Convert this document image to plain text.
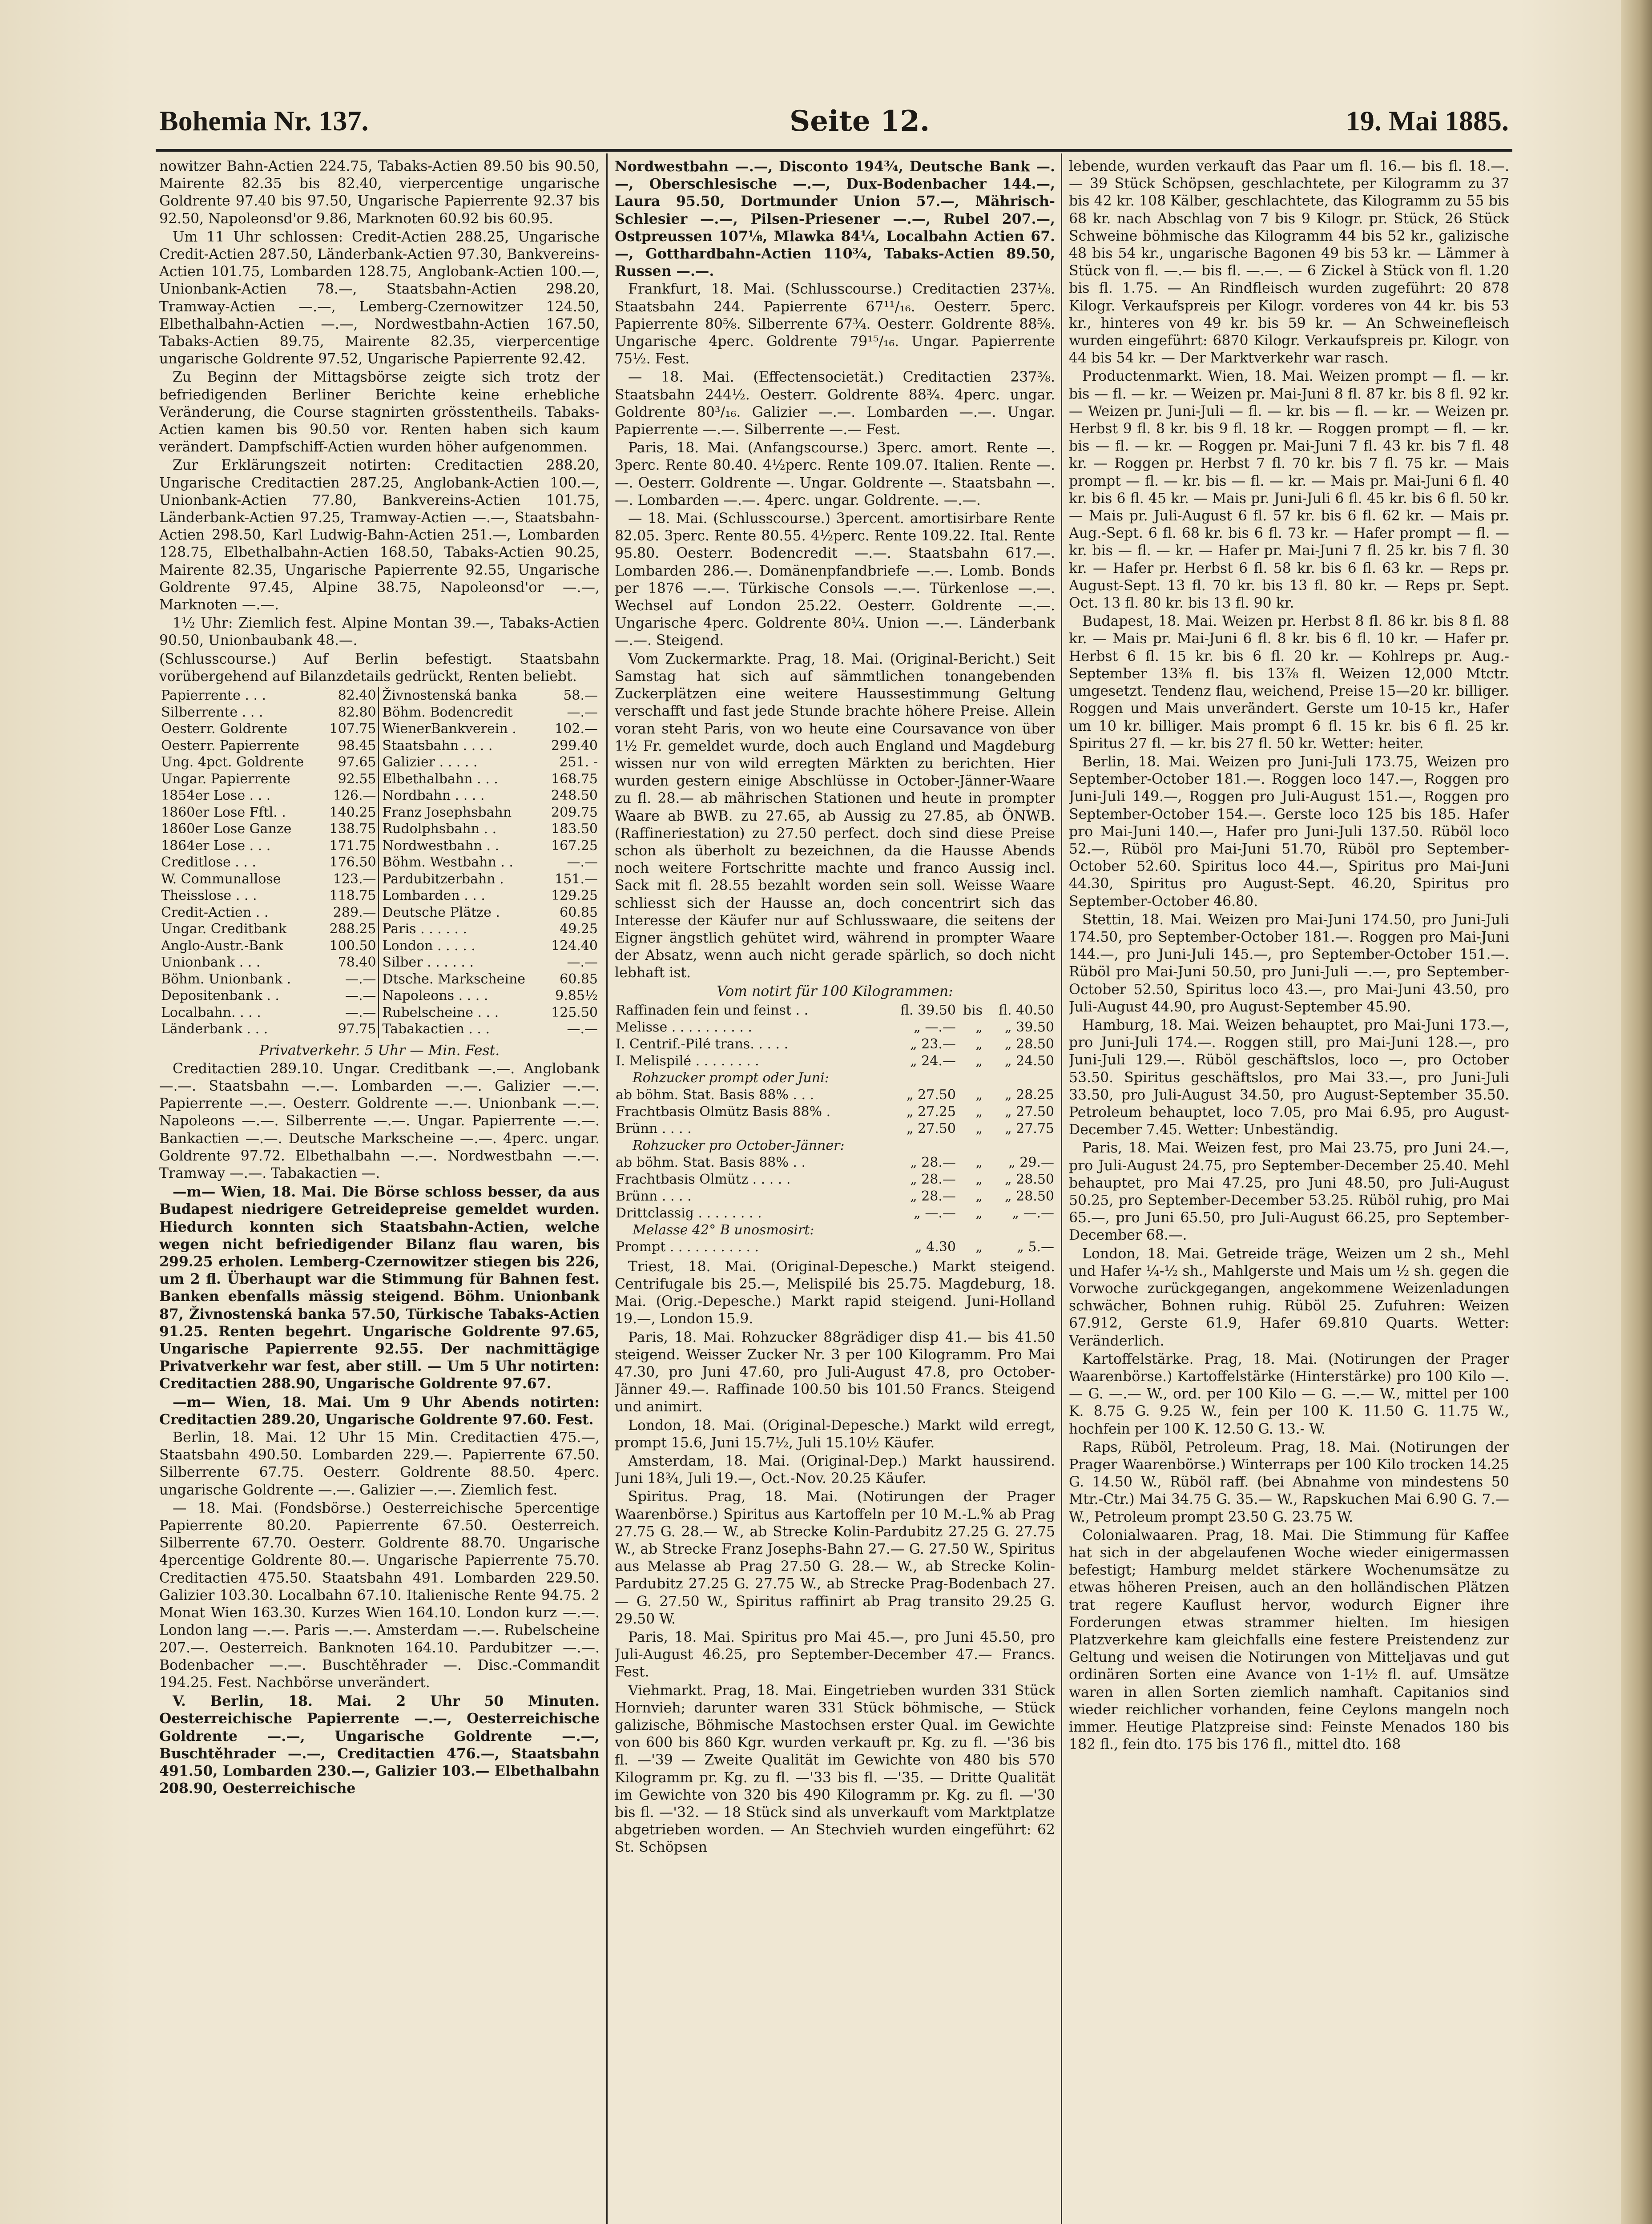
Bohemia Nr. 137.	Seite 12.	19. Mai 1885.

nowitzer Bahn-Actien 224.75, Tabaks-Actien 89.50 bis 90.50, Mairente 82.35 bis 82.40, vierpercentige ungarische Goldrente 97.40 bis 97.50, Ungarische Papierrente 92.37 bis 92.50, Napoleonsd'or 9.86, Marknoten 60.92 bis 60.95.

Um 11 Uhr schlossen: Credit-Actien 288.25, Ungarische Credit-Actien 287.50, Länderbank-Actien 97.30, Bankvereins-Actien 101.75, Lombarden 128.75, Anglobank-Actien 100.—, Unionbank-Actien 78.—, Staatsbahn-Actien 298.20, Tramway-Actien —.—, Lemberg-Czernowitzer 124.50, Elbethalbahn-Actien —.—, Nordwestbahn-Actien 167.50, Tabaks-Actien 89.75, Mairente 82.35, vierpercentige ungarische Goldrente 97.52, Ungarische Papierrente 92.42.

Zu Beginn der Mittagsbörse zeigte sich trotz der befriedigenden Berliner Berichte keine erhebliche Veränderung, die Course stagnirten grösstentheils. Tabaks-Actien kamen bis 90.50 vor. Renten haben sich kaum verändert. Dampfschiff-Actien wurden höher aufgenommen.

Zur Erklärungszeit notirten: Creditactien 288.20, Ungarische Creditactien 287.25, Anglobank-Actien 100.—, Unionbank-Actien 77.80, Bankvereins-Actien 101.75, Länderbank-Actien 97.25, Tramway-Actien —.—, Staatsbahn-Actien 298.50, Karl Ludwig-Bahn-Actien 251.—, Lombarden 128.75, Elbethalbahn-Actien 168.50, Tabaks-Actien 90.25, Mairente 82.35, Ungarische Papierrente 92.55, Ungarische Goldrente 97.45, Alpine 38.75, Napoleonsd'or —.—, Marknoten —.—.

1½ Uhr: Ziemlich fest. Alpine Montan 39.—, Tabaks-Actien 90.50, Unionbaubank 48.—.

(Schlusscourse.) Auf Berlin befestigt. Staatsbahn vorübergehend auf Bilanzdetails gedrückt, Renten beliebt.

Papierrente . . .	82.40	Živnostenská banka	58.—
Silberrente . . .	82.80	Böhm. Bodencredit	—.—
Oesterr. Goldrente	107.75	WienerBankverein .	102.—
Oesterr. Papierrente	98.45	Staatsbahn . . . .	299.40
Ung. 4pct. Goldrente	97.65	Galizier . . . . .	251. -
Ungar. Papierrente	92.55	Elbethalbahn . . .	168.75
1854er Lose . . .	126.—	Nordbahn . . . .	248.50
1860er Lose Fftl. .	140.25	Franz Josephsbahn	209.75
1860er Lose Ganze	138.75	Rudolphsbahn . .	183.50
1864er Lose . . .	171.75	Nordwestbahn . .	167.25
Creditlose . . .	176.50	Böhm. Westbahn . .	—.—
W. Communallose	123.—	Pardubitzerbahn .	151.—
Theisslose . . .	118.75	Lombarden . . .	129.25
Credit-Actien . .	289.—	Deutsche Plätze .	60.85
Ungar. Creditbank	288.25	Paris . . . . . .	49.25
Anglo-Austr.-Bank	100.50	London . . . . .	124.40
Unionbank . . .	78.40	Silber . . . . . .	—.—
Böhm. Unionbank .	—.—	Dtsche. Markscheine	60.85
Depositenbank . .	—.—	Napoleons . . . .	9.85½
Localbahn. . . .	—.—	Rubelscheine . . .	125.50
Länderbank . . .	97.75	Tabakactien . . .	—.—

Privatverkehr. 5 Uhr — Min. Fest.

Creditactien 289.10. Ungar. Creditbank —.—. Anglobank —.—. Staatsbahn —.—. Lombarden —.—. Galizier —.—. Papierrente —.—. Oesterr. Goldrente —.—. Unionbank —.—. Napoleons —.—. Silberrente —.—. Ungar. Papierrente —.—. Bankactien —.—. Deutsche Markscheine —.—. 4perc. ungar. Goldrente 97.72. Elbethalbahn —.—. Nordwestbahn —.—. Tramway —.—. Tabakactien —.

—m— Wien, 18. Mai. Die Börse schloss besser, da aus Budapest niedrigere Getreidepreise gemeldet wurden. Hiedurch konnten sich Staatsbahn-Actien, welche wegen nicht befriedigender Bilanz flau waren, bis 299.25 erholen. Lemberg-Czernowitzer stiegen bis 226, um 2 fl. Überhaupt war die Stimmung für Bahnen fest. Banken ebenfalls mässig steigend. Böhm. Unionbank 87, Živnostenská banka 57.50, Türkische Tabaks-Actien 91.25. Renten begehrt. Ungarische Goldrente 97.65, Ungarische Papierrente 92.55. Der nachmittägige Privatverkehr war fest, aber still. — Um 5 Uhr notirten: Creditactien 288.90, Ungarische Goldrente 97.67.

—m— Wien, 18. Mai. Um 9 Uhr Abends notirten: Creditactien 289.20, Ungarische Goldrente 97.60. Fest.

Berlin, 18. Mai. 12 Uhr 15 Min. Creditactien 475.—, Staatsbahn 490.50. Lombarden 229.—. Papierrente 67.50. Silberrente 67.75. Oesterr. Goldrente 88.50. 4perc. ungarische Goldrente —.—. Galizier —.—. Ziemlich fest.

— 18. Mai. (Fondsbörse.) Oesterreichische 5percentige Papierrente 80.20. Papierrente 67.50. Oesterreich. Silberrente 67.70. Oesterr. Goldrente 88.70. Ungarische 4percentige Goldrente 80.—. Ungarische Papierrente 75.70. Creditactien 475.50. Staatsbahn 491. Lombarden 229.50. Galizier 103.30. Localbahn 67.10. Italienische Rente 94.75. 2 Monat Wien 163.30. Kurzes Wien 164.10. London kurz —.—. London lang —.—. Paris —.—. Amsterdam —.—. Rubelscheine 207.—. Oesterreich. Banknoten 164.10. Pardubitzer —.—. Bodenbacher —.—. Buschtěhrader —. Disc.-Commandit 194.25. Fest. Nachbörse unverändert.

V. Berlin, 18. Mai. 2 Uhr 50 Minuten. Oesterreichische Papierrente —.—, Oesterreichische Goldrente —.—, Ungarische Goldrente —.—, Buschtěhrader —.—, Creditactien 476.—, Staatsbahn 491.50, Lombarden 230.—, Galizier 103.— Elbethalbahn 208.90, Oesterreichische

Nordwestbahn —.—, Disconto 194¾, Deutsche Bank —.—, Oberschlesische —.—, Dux-Bodenbacher 144.—, Laura 95.50, Dortmunder Union 57.—, Mährisch-Schlesier —.—, Pilsen-Priesener —.—, Rubel 207.—, Ostpreussen 107⅛, Mlawka 84¼, Localbahn Actien 67.—, Gotthardbahn-Actien 110¾, Tabaks-Actien 89.50, Russen —.—.

Frankfurt, 18. Mai. (Schlusscourse.) Creditactien 237⅛. Staatsbahn 244. Papierrente 67¹¹/₁₆. Oesterr. 5perc. Papierrente 80⅝. Silberrente 67¾. Oesterr. Goldrente 88⅝. Ungarische 4perc. Goldrente 79¹⁵/₁₆. Ungar. Papierrente 75½. Fest.

— 18. Mai. (Effectensocietät.) Creditactien 237⅜. Staatsbahn 244½. Oesterr. Goldrente 88¾. 4perc. ungar. Goldrente 80³/₁₆. Galizier —.—. Lombarden —.—. Ungar. Papierrente —.—. Silberrente —.— Fest.

Paris, 18. Mai. (Anfangscourse.) 3perc. amort. Rente —. 3perc. Rente 80.40. 4½perc. Rente 109.07. Italien. Rente —.—. Oesterr. Goldrente —. Ungar. Goldrente —. Staatsbahn —.—. Lombarden —.—. 4perc. ungar. Goldrente. —.—.

— 18. Mai. (Schlusscourse.) 3percent. amortisirbare Rente 82.05. 3perc. Rente 80.55. 4½perc. Rente 109.22. Ital. Rente 95.80. Oesterr. Bodencredit —.—. Staatsbahn 617.—. Lombarden 286.—. Domänenpfandbriefe —.—. Lomb. Bonds per 1876 —.—. Türkische Consols —.—. Türkenlose —.—. Wechsel auf London 25.22. Oesterr. Goldrente —.—. Ungarische 4perc. Goldrente 80¼. Union —.—. Länderbank —.—. Steigend.

Vom Zuckermarkte. Prag, 18. Mai. (Original-Bericht.) Seit Samstag hat sich auf sämmtlichen tonangebenden Zuckerplätzen eine weitere Haussestimmung Geltung verschafft und fast jede Stunde brachte höhere Preise. Allein voran steht Paris, von wo heute eine Coursavance von über 1½ Fr. gemeldet wurde, doch auch England und Magdeburg wissen nur von wild erregten Märkten zu berichten. Hier wurden gestern einige Abschlüsse in October-Jänner-Waare zu fl. 28.— ab mährischen Stationen und heute in prompter Waare ab BWB. zu 27.65, ab Aussig zu 27.85, ab ÖNWB. (Raffineriestation) zu 27.50 perfect. doch sind diese Preise schon als überholt zu bezeichnen, da die Hausse Abends noch weitere Fortschritte machte und franco Aussig incl. Sack mit fl. 28.55 bezahlt worden sein soll. Weisse Waare schliesst sich der Hausse an, doch concentrirt sich das Interesse der Käufer nur auf Schlusswaare, die seitens der Eigner ängstlich gehütet wird, während in prompter Waare der Absatz, wenn auch nicht gerade spärlich, so doch nicht lebhaft ist.

Vom notirt für 100 Kilogrammen:

Raffinaden fein und feinst . .	fl. 39.50	bis	fl. 40.50
Melisse . . . . . . . . . .	„ —.—	„	„ 39.50
I. Centrif.-Pilé trans. . . . .	„ 23.—	„	„ 28.50
I. Melispilé . . . . . . . .	„ 24.—	„	„ 24.50
Rohzucker prompt oder Juni:			
ab böhm. Stat. Basis 88% . . .	„ 27.50	„	„ 28.25
Frachtbasis Olmütz Basis 88% .	„ 27.25	„	„ 27.50
Brünn . . . .	„ 27.50	„	„ 27.75
Rohzucker pro October-Jänner:			
ab böhm. Stat. Basis 88% . .	„ 28.—	„	„ 29.—
Frachtbasis Olmütz . . . . .	„ 28.—	„	„ 28.50
Brünn . . . .	„ 28.—	„	„ 28.50
Drittclassig . . . . . . . .	„ —.—	„	„ —.—
Melasse 42° B unosmosirt:			
Prompt . . . . . . . . . . .	„ 4.30	„	„ 5.—

Triest, 18. Mai. (Original-Depesche.) Markt steigend. Centrifugale bis 25.—, Melispilé bis 25.75. Magdeburg, 18. Mai. (Orig.-Depesche.) Markt rapid steigend. Juni-Holland 19.—, London 15.9.

Paris, 18. Mai. Rohzucker 88grädiger disp 41.— bis 41.50 steigend. Weisser Zucker Nr. 3 per 100 Kilogramm. Pro Mai 47.30, pro Juni 47.60, pro Juli-August 47.8, pro October-Jänner 49.—. Raffinade 100.50 bis 101.50 Francs. Steigend und animirt.

London, 18. Mai. (Original-Depesche.) Markt wild erregt, prompt 15.6, Juni 15.7½, Juli 15.10½ Käufer.

Amsterdam, 18. Mai. (Original-Dep.) Markt haussirend. Juni 18¾, Juli 19.—, Oct.-Nov. 20.25 Käufer.

Spiritus. Prag, 18. Mai. (Notirungen der Prager Waarenbörse.) Spiritus aus Kartoffeln per 10 M.-L.% ab Prag 27.75 G. 28.— W., ab Strecke Kolin-Pardubitz 27.25 G. 27.75 W., ab Strecke Franz Josephs-Bahn 27.— G. 27.50 W., Spiritus aus Melasse ab Prag 27.50 G. 28.— W., ab Strecke Kolin-Pardubitz 27.25 G. 27.75 W., ab Strecke Prag-Bodenbach 27.— G. 27.50 W., Spiritus raffinirt ab Prag transito 29.25 G. 29.50 W.

Paris, 18. Mai. Spiritus pro Mai 45.—, pro Juni 45.50, pro Juli-August 46.25, pro September-December 47.— Francs. Fest.

Viehmarkt. Prag, 18. Mai. Eingetrieben wurden 331 Stück Hornvieh; darunter waren 331 Stück böhmische, — Stück galizische, Böhmische Mastochsen erster Qual. im Gewichte von 600 bis 860 Kgr. wurden verkauft pr. Kg. zu fl. —'36 bis fl. —'39 — Zweite Qualität im Gewichte von 480 bis 570 Kilogramm pr. Kg. zu fl. —'33 bis fl. —'35. — Dritte Qualität im Gewichte von 320 bis 490 Kilogramm pr. Kg. zu fl. —'30 bis fl. —'32. — 18 Stück sind als unverkauft vom Marktplatze abgetrieben worden. — An Stechvieh wurden eingeführt: 62 St. Schöpsen

lebende, wurden verkauft das Paar um fl. 16.— bis fl. 18.—. — 39 Stück Schöpsen, geschlachtete, per Kilogramm zu 37 bis 42 kr. 108 Kälber, geschlachtete, das Kilogramm zu 55 bis 68 kr. nach Abschlag von 7 bis 9 Kilogr. pr. Stück, 26 Stück Schweine böhmische das Kilogramm 44 bis 52 kr., galizische 48 bis 54 kr., ungarische Bagonen 49 bis 53 kr. — Lämmer à Stück von fl. —.— bis fl. —.—. — 6 Zickel à Stück von fl. 1.20 bis fl. 1.75. — An Rindfleisch wurden zugeführt: 20 878 Kilogr. Verkaufspreis per Kilogr. vorderes von 44 kr. bis 53 kr., hinteres von 49 kr. bis 59 kr. — An Schweinefleisch wurden eingeführt: 6870 Kilogr. Verkaufspreis pr. Kilogr. von 44 bis 54 kr. — Der Marktverkehr war rasch.

Productenmarkt. Wien, 18. Mai. Weizen prompt — fl. — kr. bis — fl. — kr. — Weizen pr. Mai-Juni 8 fl. 87 kr. bis 8 fl. 92 kr. — Weizen pr. Juni-Juli — fl. — kr. bis — fl. — kr. — Weizen pr. Herbst 9 fl. 8 kr. bis 9 fl. 18 kr. — Roggen prompt — fl. — kr. bis — fl. — kr. — Roggen pr. Mai-Juni 7 fl. 43 kr. bis 7 fl. 48 kr. — Roggen pr. Herbst 7 fl. 70 kr. bis 7 fl. 75 kr. — Mais prompt — fl. — kr. bis — fl. — kr. — Mais pr. Mai-Juni 6 fl. 40 kr. bis 6 fl. 45 kr. — Mais pr. Juni-Juli 6 fl. 45 kr. bis 6 fl. 50 kr. — Mais pr. Juli-August 6 fl. 57 kr. bis 6 fl. 62 kr. — Mais pr. Aug.-Sept. 6 fl. 68 kr. bis 6 fl. 73 kr. — Hafer prompt — fl. — kr. bis — fl. — kr. — Hafer pr. Mai-Juni 7 fl. 25 kr. bis 7 fl. 30 kr. — Hafer pr. Herbst 6 fl. 58 kr. bis 6 fl. 63 kr. — Reps pr. August-Sept. 13 fl. 70 kr. bis 13 fl. 80 kr. — Reps pr. Sept. Oct. 13 fl. 80 kr. bis 13 fl. 90 kr.

Budapest, 18. Mai. Weizen pr. Herbst 8 fl. 86 kr. bis 8 fl. 88 kr. — Mais pr. Mai-Juni 6 fl. 8 kr. bis 6 fl. 10 kr. — Hafer pr. Herbst 6 fl. 15 kr. bis 6 fl. 20 kr. — Kohlreps pr. Aug.-September 13⅜ fl. bis 13⅞ fl. Weizen 12,000 Mtctr. umgesetzt. Tendenz flau, weichend, Preise 15—20 kr. billiger. Roggen und Mais unverändert. Gerste um 10-15 kr., Hafer um 10 kr. billiger. Mais prompt 6 fl. 15 kr. bis 6 fl. 25 kr. Spiritus 27 fl. — kr. bis 27 fl. 50 kr. Wetter: heiter.

Berlin, 18. Mai. Weizen pro Juni-Juli 173.75, Weizen pro September-October 181.—. Roggen loco 147.—, Roggen pro Juni-Juli 149.—, Roggen pro Juli-August 151.—, Roggen pro September-October 154.—. Gerste loco 125 bis 185. Hafer pro Mai-Juni 140.—, Hafer pro Juni-Juli 137.50. Rüböl loco 52.—, Rüböl pro Mai-Juni 51.70, Rüböl pro September-October 52.60. Spiritus loco 44.—, Spiritus pro Mai-Juni 44.30, Spiritus pro August-Sept. 46.20, Spiritus pro September-October 46.80.

Stettin, 18. Mai. Weizen pro Mai-Juni 174.50, pro Juni-Juli 174.50, pro September-October 181.—. Roggen pro Mai-Juni 144.—, pro Juni-Juli 145.—, pro September-October 151.—. Rüböl pro Mai-Juni 50.50, pro Juni-Juli —.—, pro September-October 52.50, Spiritus loco 43.—, pro Mai-Juni 43.50, pro Juli-August 44.90, pro August-September 45.90.

Hamburg, 18. Mai. Weizen behauptet, pro Mai-Juni 173.—, pro Juni-Juli 174.—. Roggen still, pro Mai-Juni 128.—, pro Juni-Juli 129.—. Rüböl geschäftslos, loco —, pro October 53.50. Spiritus geschäftslos, pro Mai 33.—, pro Juni-Juli 33.50, pro Juli-August 34.50, pro August-September 35.50. Petroleum behauptet, loco 7.05, pro Mai 6.95, pro August-December 7.45. Wetter: Unbeständig.

Paris, 18. Mai. Weizen fest, pro Mai 23.75, pro Juni 24.—, pro Juli-August 24.75, pro September-December 25.40. Mehl behauptet, pro Mai 47.25, pro Juni 48.50, pro Juli-August 50.25, pro September-December 53.25. Rüböl ruhig, pro Mai 65.—, pro Juni 65.50, pro Juli-August 66.25, pro September-December 68.—.

London, 18. Mai. Getreide träge, Weizen um 2 sh., Mehl und Hafer ¼-½ sh., Mahlgerste und Mais um ½ sh. gegen die Vorwoche zurückgegangen, angekommene Weizenladungen schwächer, Bohnen ruhig. Rüböl 25. Zufuhren: Weizen 67.912, Gerste 61.9, Hafer 69.810 Quarts. Wetter: Veränderlich.

Kartoffelstärke. Prag, 18. Mai. (Notirungen der Prager Waarenbörse.) Kartoffelstärke (Hinterstärke) pro 100 Kilo —.— G. —.— W., ord. per 100 Kilo — G. —.— W., mittel per 100 K. 8.75 G. 9.25 W., fein per 100 K. 11.50 G. 11.75 W., hochfein per 100 K. 12.50 G. 13.- W.

Raps, Rüböl, Petroleum. Prag, 18. Mai. (Notirungen der Prager Waarenbörse.) Winterraps per 100 Kilo trocken 14.25 G. 14.50 W., Rüböl raff. (bei Abnahme von mindestens 50 Mtr.-Ctr.) Mai 34.75 G. 35.— W., Rapskuchen Mai 6.90 G. 7.— W., Petroleum prompt 23.50 G. 23.75 W.

Colonialwaaren. Prag, 18. Mai. Die Stimmung für Kaffee hat sich in der abgelaufenen Woche wieder einigermassen befestigt; Hamburg meldet stärkere Wochenumsätze zu etwas höheren Preisen, auch an den holländischen Plätzen trat regere Kauflust hervor, wodurch Eigner ihre Forderungen etwas strammer hielten. Im hiesigen Platzverkehre kam gleichfalls eine festere Preistendenz zur Geltung und weisen die Notirungen von Mitteljavas und gut ordinären Sorten eine Avance von 1-1½ fl. auf. Umsätze waren in allen Sorten ziemlich namhaft. Capitanios sind wieder reichlicher vorhanden, feine Ceylons mangeln noch immer. Heutige Platzpreise sind: Feinste Menados 180 bis 182 fl., fein dto. 175 bis 176 fl., mittel dto. 168
